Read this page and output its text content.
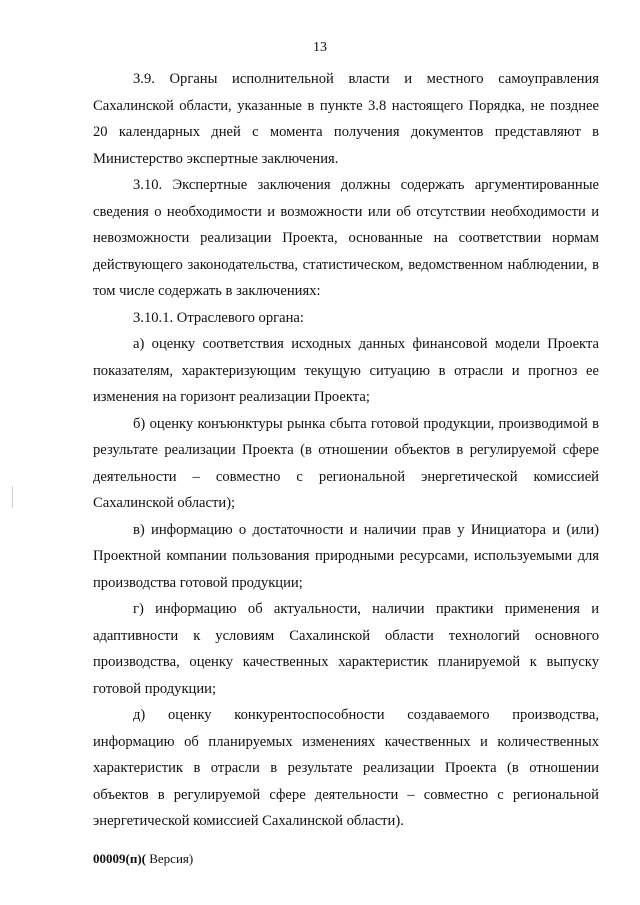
13

3.9. Органы исполнительной власти и местного самоуправления Сахалинской области, указанные в пункте 3.8 настоящего Порядка, не позднее 20 календарных дней с момента получения документов представляют в Министерство экспертные заключения.

3.10. Экспертные заключения должны содержать аргументированные сведения о необходимости и возможности или об отсутствии необходимости и невозможности реализации Проекта, основанные на соответствии нормам действующего законодательства, статистическом, ведомственном наблюдении, в том числе содержать в заключениях:

3.10.1. Отраслевого органа:

а) оценку соответствия исходных данных финансовой модели Проекта показателям, характеризующим текущую ситуацию в отрасли и прогноз ее изменения на горизонт реализации Проекта;

б) оценку конъюнктуры рынка сбыта готовой продукции, производимой в результате реализации Проекта (в отношении объектов в регулируемой сфере деятельности – совместно с региональной энергетической комиссией Сахалинской области);

в) информацию о достаточности и наличии прав у Инициатора и (или) Проектной компании пользования природными ресурсами, используемыми для производства готовой продукции;

г) информацию об актуальности, наличии практики применения и адаптивности к условиям Сахалинской области технологий основного производства, оценку качественных характеристик планируемой к выпуску готовой продукции;

д) оценку конкурентоспособности создаваемого производства, информацию об планируемых изменениях качественных и количественных характеристик в отрасли в результате реализации Проекта (в отношении объектов в регулируемой сфере деятельности – совместно с региональной энергетической комиссией Сахалинской области).

00009(п)( Версия)
